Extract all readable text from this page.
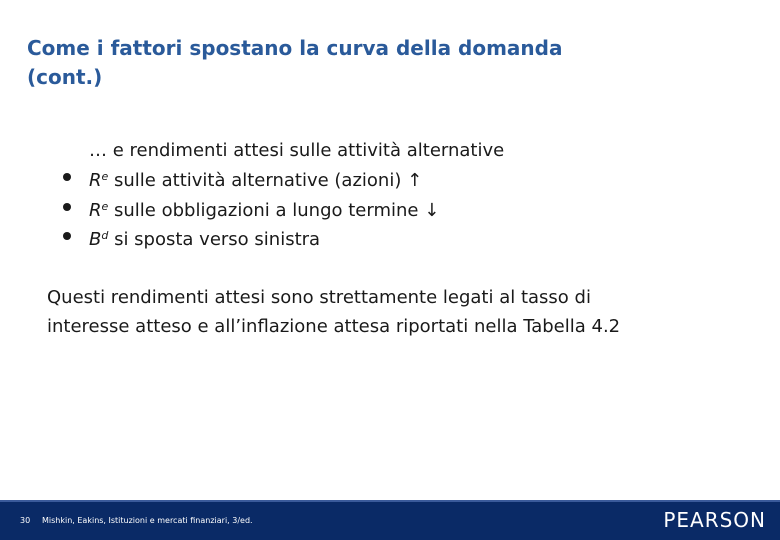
Come i fattori spostano la curva della domanda
(cont.)
… e rendimenti attesi sulle attività alternative
$R^e$ sulle attività alternative (azioni) ↑
$R^e$ sulle obbligazioni a lungo termine ↓
$B^d$ si sposta verso sinistra
Questi rendimenti attesi sono strettamente legati al tasso di
interesse atteso e all’inflazione attesa riportati nella Tabella 4.2
30 Mishkin, Eakins, Istituzioni e mercati finanziari, 3/ed.	PEARSON
